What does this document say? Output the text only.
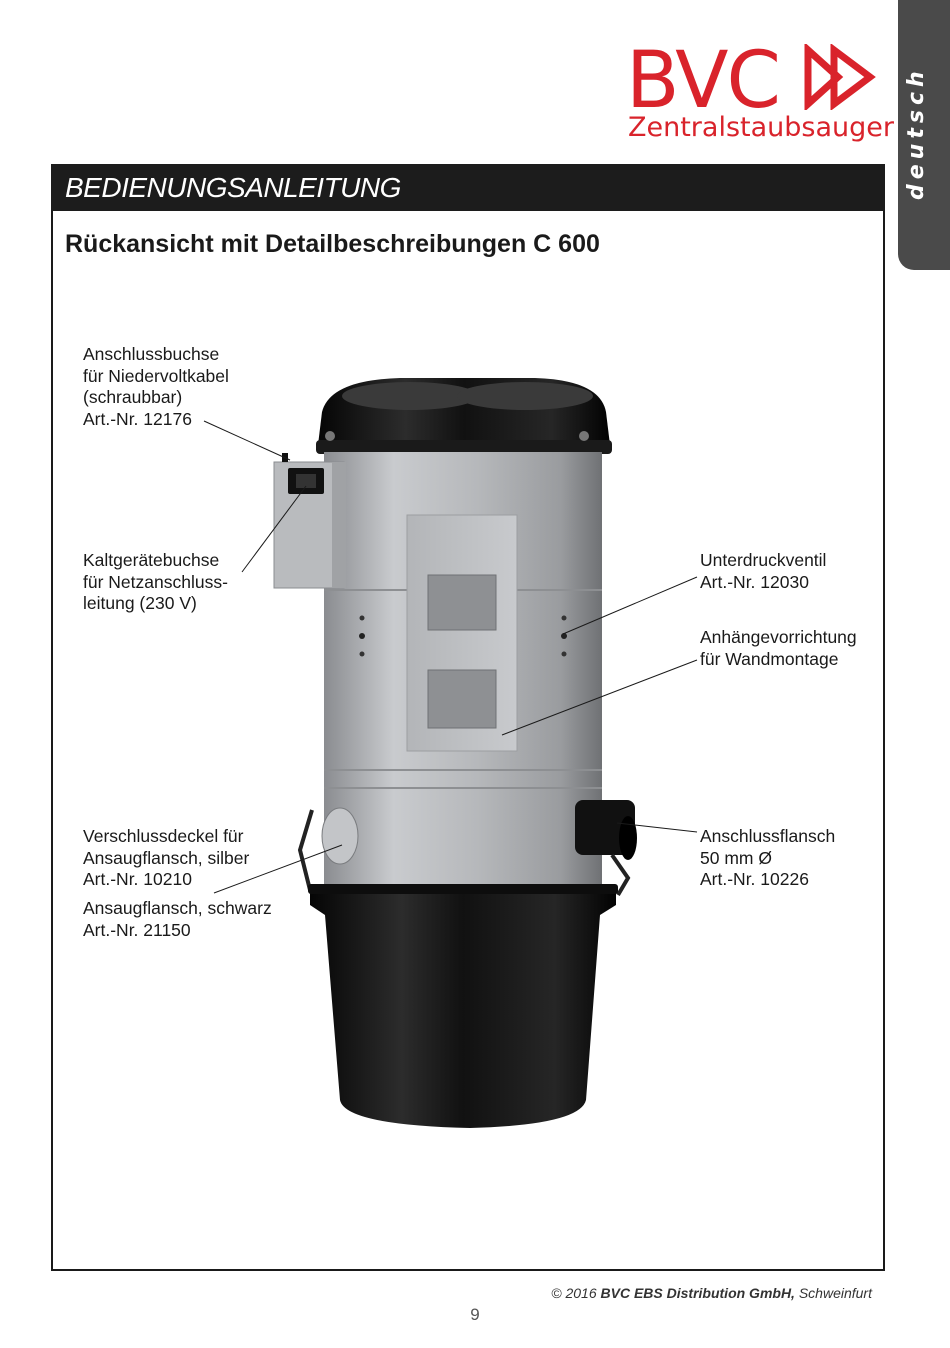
BVC
Zentralstaubsauger deutsch
BEDIENUNGSANLEITUNG
Rückansicht mit Detailbeschreibungen C 600
Anschlussbuchse
für Niedervoltkabel
(schraubbar)
Art.-Nr. 12176
Kaltgerätebuchse
für Netzanschluss-
leitung (230 V)
Unterdruckventil
Art.-Nr. 12030
Anhängevorrichtung
für Wandmontage
Verschlussdeckel für
Ansaugflansch, silber
Art.-Nr. 10210
Ansaugflansch, schwarz
Art.-Nr. 21150
Anschlussflansch
50 mm Ø
Art.-Nr. 10226
© 2016 BVC EBS Distribution GmbH, Schweinfurt
9
